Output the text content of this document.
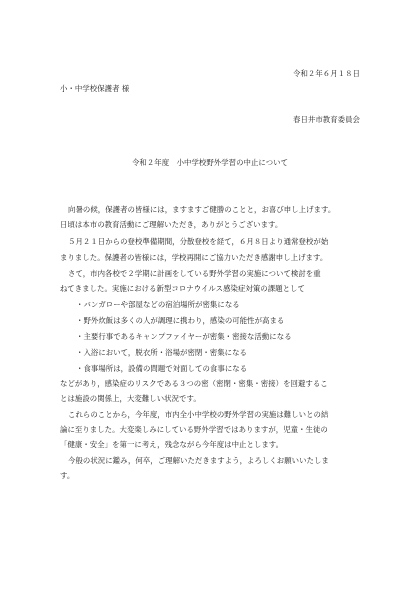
令和２年６月１８日
小・中学校保護者 様
春日井市教育委員会
令和２年度　小中学校野外学習の中止について
向暑の候，保護者の皆様には，ますますご健勝のことと，お喜び申し上げます。
日頃は本市の教育活動にご理解いただき，ありがとうございます。
５月２１日からの登校準備期間，分散登校を経て，６月８日より通常登校が始
まりました。保護者の皆様には，学校再開にご協力いただき感謝申し上げます。
さて，市内各校で２学期に計画をしている野外学習の実施について検討を重
ねてきました。実施における新型コロナウイルス感染症対策の課題として
・バンガローや部屋などの宿泊場所が密集になる
・野外炊飯は多くの人が調理に携わり，感染の可能性が高まる
・主要行事であるキャンプファイヤーが密集・密接な活動になる
・入浴において，脱衣所・浴場が密閉・密集になる
・食事場所は，設備の問題で対面しての食事になる
などがあり，感染症のリスクである３つの密（密閉・密集・密接）を回避するこ
とは施設の関係上，大変難しい状況です。
これらのことから，今年度，市内全小中学校の野外学習の実施は難しいとの結
論に至りました。大変楽しみにしている野外学習ではありますが，児童・生徒の
「健康・安全」を第一に考え，残念ながら今年度は中止とします。
今般の状況に鑑み，何卒，ご理解いただきますよう，よろしくお願いいたしま
す。
